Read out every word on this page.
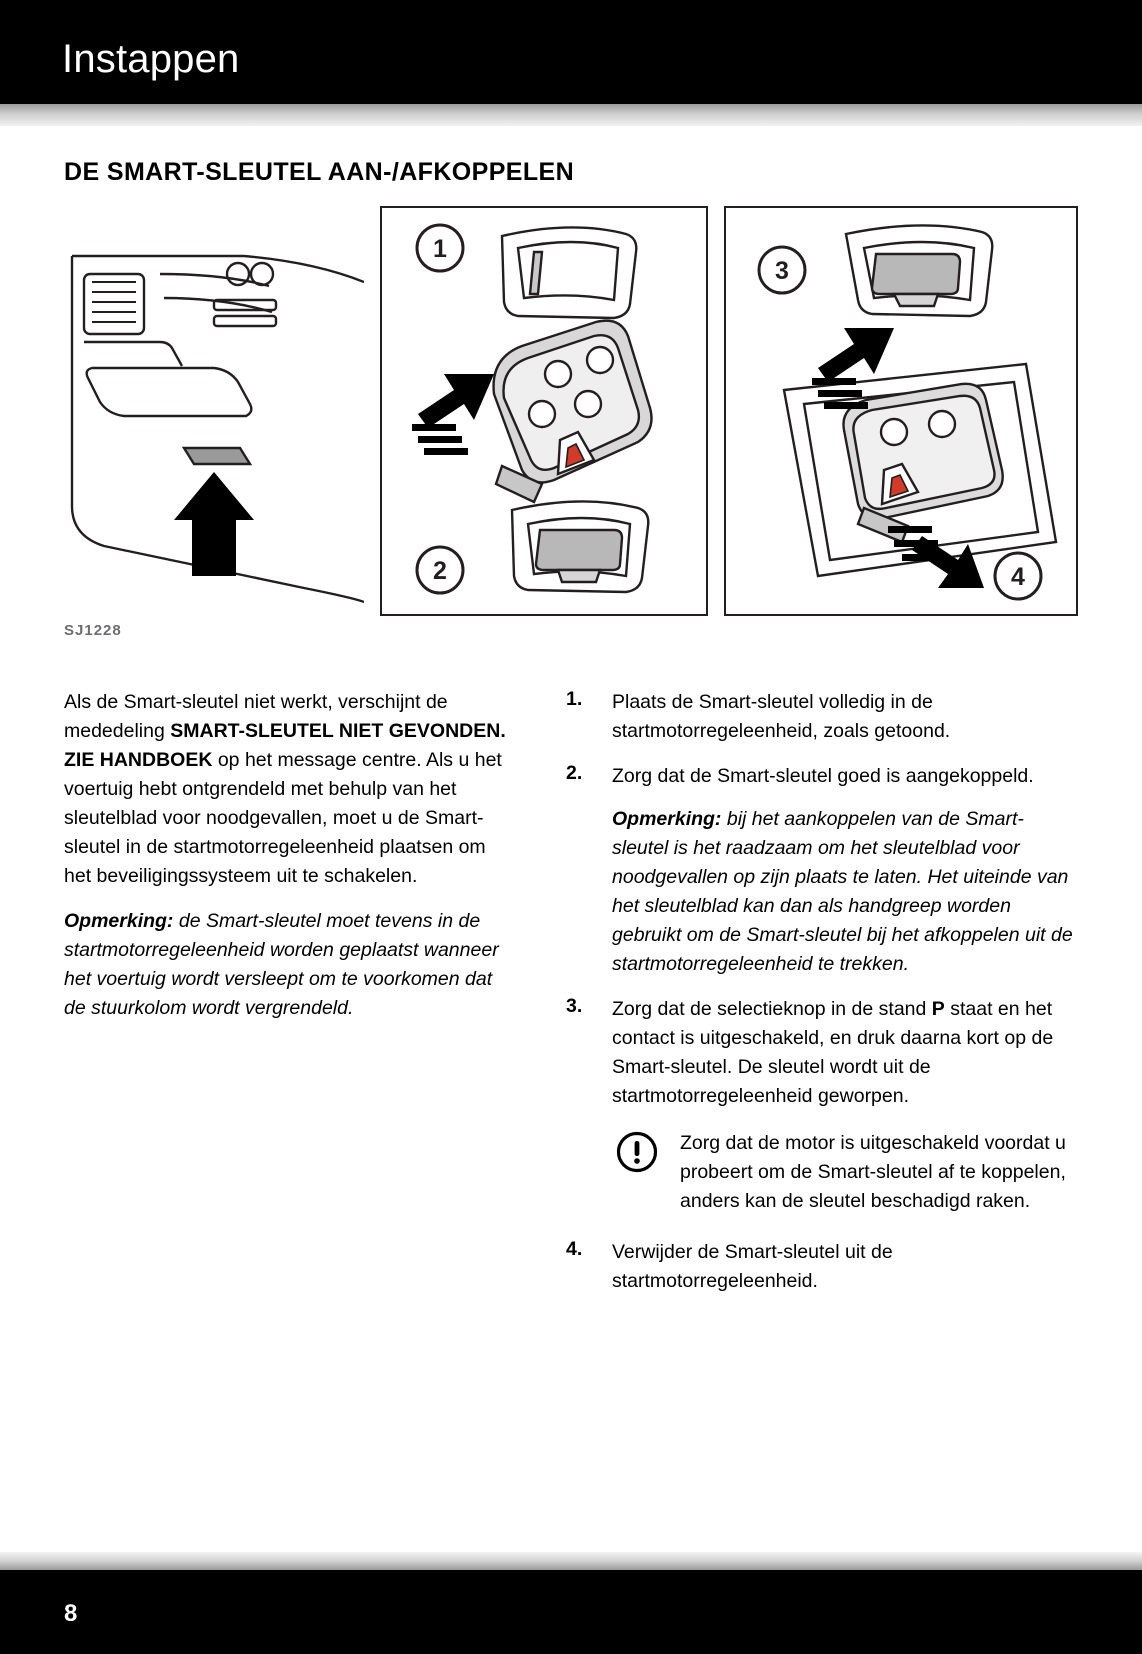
Instappen
DE SMART-SLEUTEL AAN-/AFKOPPELEN
1
2
3
4
SJ1228

Als de Smart-sleutel niet werkt, verschijnt de mededeling SMART-SLEUTEL NIET GEVONDEN. ZIE HANDBOEK op het message centre. Als u het voertuig hebt ontgrendeld met behulp van het sleutelblad voor noodgevallen, moet u de Smart-sleutel in de startmotorregeleenheid plaatsen om het beveiligingssysteem uit te schakelen.

Opmerking: de Smart-sleutel moet tevens in de startmotorregeleenheid worden geplaatst wanneer het voertuig wordt versleept om te voorkomen dat de stuurkolom wordt vergrendeld.

1. Plaats de Smart-sleutel volledig in de startmotorregeleenheid, zoals getoond.
2. Zorg dat de Smart-sleutel goed is aangekoppeld.
Opmerking: bij het aankoppelen van de Smart-sleutel is het raadzaam om het sleutelblad voor noodgevallen op zijn plaats te laten. Het uiteinde van het sleutelblad kan dan als handgreep worden gebruikt om de Smart-sleutel bij het afkoppelen uit de startmotorregeleenheid te trekken.
3. Zorg dat de selectieknop in de stand P staat en het contact is uitgeschakeld, en druk daarna kort op de Smart-sleutel. De sleutel wordt uit de startmotorregeleenheid geworpen.
Zorg dat de motor is uitgeschakeld voordat u probeert om de Smart-sleutel af te koppelen, anders kan de sleutel beschadigd raken.
4. Verwijder de Smart-sleutel uit de startmotorregeleenheid.
8
